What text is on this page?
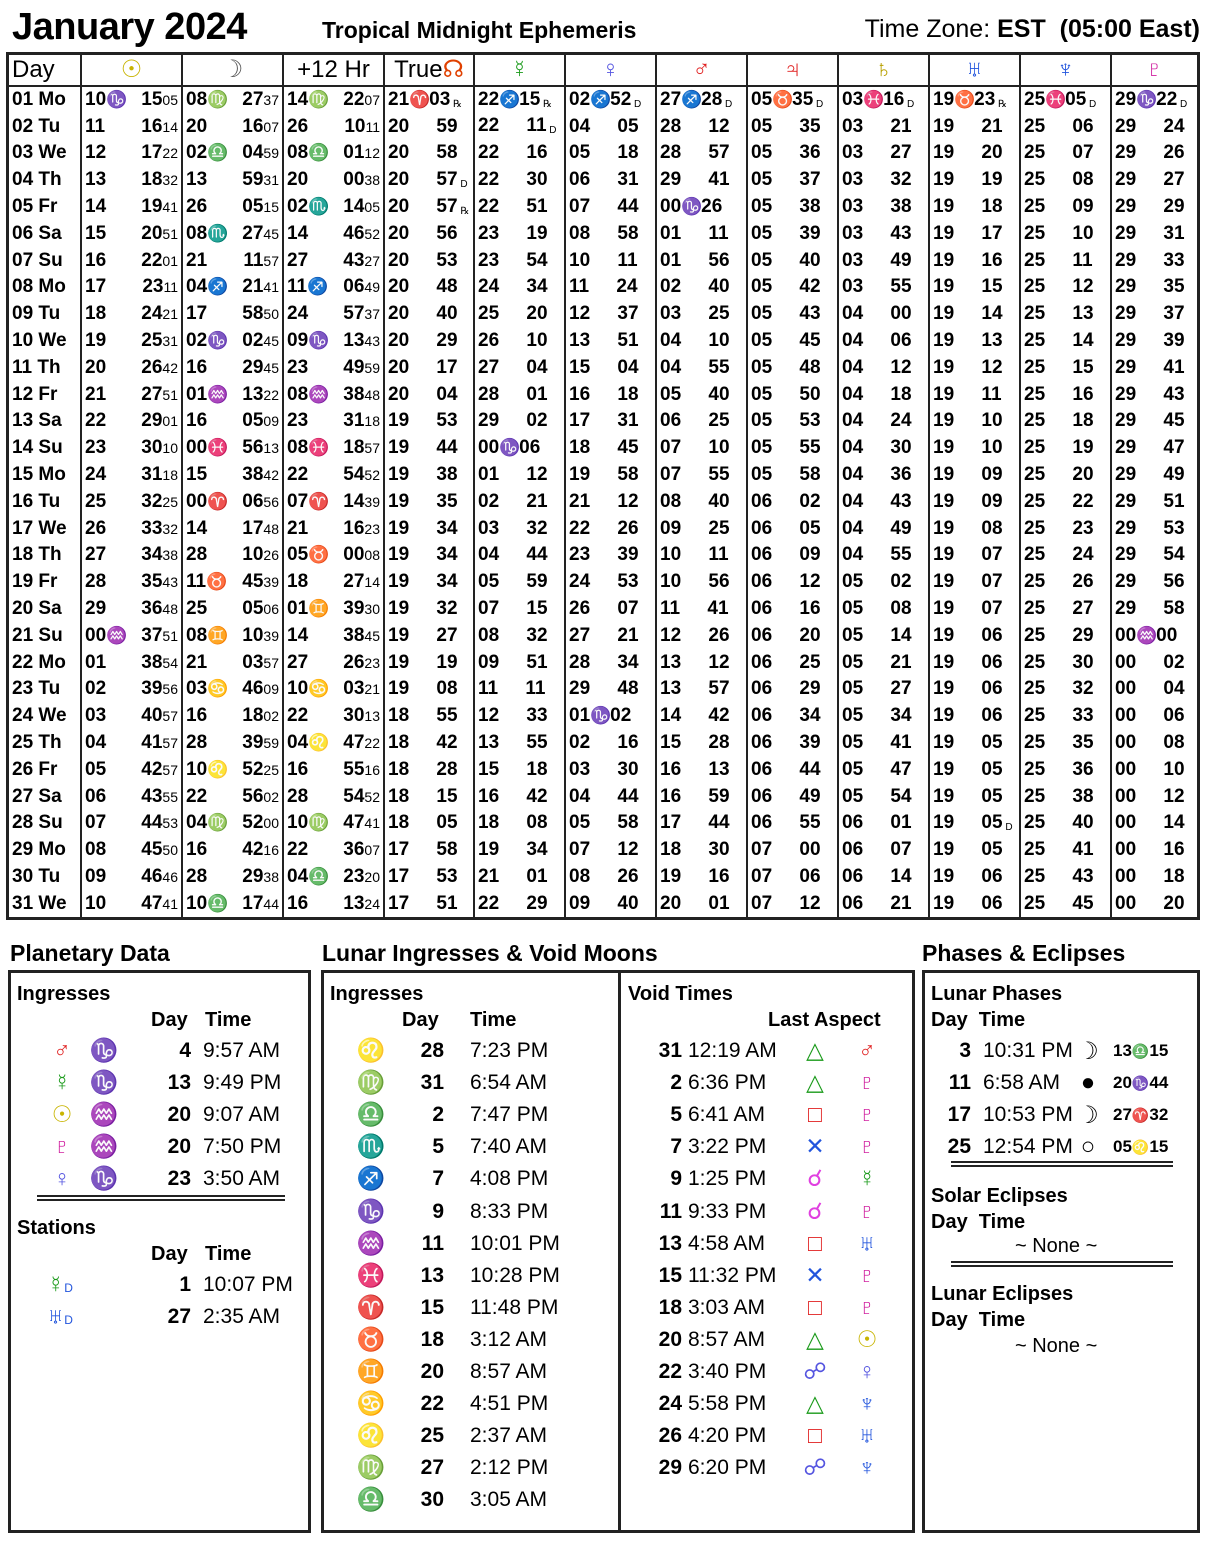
January 2024	Tropical Midnight Ephemeris	Time Zone: EST (05:00 East)
Day	☉	☽	+12 Hr	True☊	☿	♀	♂	♃	♄	♅	♆	♇
01 Mo	10♑ 1505	08♍ 2737	14♍ 2207	21♈03 ℞	22♐15 ℞	02♐52 D	27♐28 D	05♉35 D	03♓16 D	19♉23 ℞	25♓05 D	29♑22 D
02 Tu	11 1614	20 1607	26 1011	20 59	22 11 D	04 05	28 12	05 35	03 21	19 21	25 06	29 24
03 We	12 1722	02♎ 0459	08♎ 0112	20 58	22 16	05 18	28 57	05 36	03 27	19 20	25 07	29 26
04 Th	13 1832	13 5931	20 0038	20 57 D	22 30	06 31	29 41	05 37	03 32	19 19	25 08	29 27
05 Fr	14 1941	26 0515	02♏ 1405	20 57 ℞	22 51	07 44	00♑26	05 38	03 38	19 18	25 09	29 29
06 Sa	15 2051	08♏ 2745	14 4652	20 56	23 19	08 58	01 11	05 39	03 43	19 17	25 10	29 31
07 Su	16 2201	21 1157	27 4327	20 53	23 54	10 11	01 56	05 40	03 49	19 16	25 11	29 33
08 Mo	17 2311	04♐ 2141	11♐ 0649	20 48	24 34	11 24	02 40	05 42	03 55	19 15	25 12	29 35
09 Tu	18 2421	17 5850	24 5737	20 40	25 20	12 37	03 25	05 43	04 00	19 14	25 13	29 37
10 We	19 2531	02♑ 0245	09♑ 1343	20 29	26 10	13 51	04 10	05 45	04 06	19 13	25 14	29 39
11 Th	20 2642	16 2945	23 4959	20 17	27 04	15 04	04 55	05 48	04 12	19 12	25 15	29 41
12 Fr	21 2751	01♒ 1322	08♒ 3848	20 04	28 01	16 18	05 40	05 50	04 18	19 11	25 16	29 43
13 Sa	22 2901	16 0509	23 3118	19 53	29 02	17 31	06 25	05 53	04 24	19 10	25 18	29 45
14 Su	23 3010	00♓ 5613	08♓ 1857	19 44	00♑06	18 45	07 10	05 55	04 30	19 10	25 19	29 47
15 Mo	24 3118	15 3842	22 5452	19 38	01 12	19 58	07 55	05 58	04 36	19 09	25 20	29 49
16 Tu	25 3225	00♈ 0656	07♈ 1439	19 35	02 21	21 12	08 40	06 02	04 43	19 09	25 22	29 51
17 We	26 3332	14 1748	21 1623	19 34	03 32	22 26	09 25	06 05	04 49	19 08	25 23	29 53
18 Th	27 3438	28 1026	05♉ 0008	19 34	04 44	23 39	10 11	06 09	04 55	19 07	25 24	29 54
19 Fr	28 3543	11♉ 4539	18 2714	19 34	05 59	24 53	10 56	06 12	05 02	19 07	25 26	29 56
20 Sa	29 3648	25 0506	01♊ 3930	19 32	07 15	26 07	11 41	06 16	05 08	19 07	25 27	29 58
21 Su	00♒ 3751	08♊ 1039	14 3845	19 27	08 32	27 21	12 26	06 20	05 14	19 06	25 29	00♒00
22 Mo	01 3854	21 0357	27 2623	19 19	09 51	28 34	13 12	06 25	05 21	19 06	25 30	00 02
23 Tu	02 3956	03♋ 4609	10♋ 0321	19 08	11 11	29 48	13 57	06 29	05 27	19 06	25 32	00 04
24 We	03 4057	16 1802	22 3013	18 55	12 33	01♑02	14 42	06 34	05 34	19 06	25 33	00 06
25 Th	04 4157	28 3959	04♌ 4722	18 42	13 55	02 16	15 28	06 39	05 41	19 05	25 35	00 08
26 Fr	05 4257	10♌ 5225	16 5516	18 28	15 18	03 30	16 13	06 44	05 47	19 05	25 36	00 10
27 Sa	06 4355	22 5602	28 5452	18 15	16 42	04 44	16 59	06 49	05 54	19 05	25 38	00 12
28 Su	07 4453	04♍ 5200	10♍ 4741	18 05	18 08	05 58	17 44	06 55	06 01	19 05 D	25 40	00 14
29 Mo	08 4550	16 4216	22 3607	17 58	19 34	07 12	18 30	07 00	06 07	19 05	25 41	00 16
30 Tu	09 4646	28 2938	04♎ 2320	17 53	21 01	08 26	19 16	07 06	06 14	19 06	25 43	00 18
31 We	10 4741	10♎ 1744	16 1324	17 51	22 29	09 40	20 01	07 12	06 21	19 06	25 45	00 20
Planetary Data	Lunar Ingresses & Void Moons	Phases & Eclipses
Ingresses
Day Time
♂ ♑	4 9:57 AM
☿ ♑	13 9:49 PM
☉ ♒	20 9:07 AM
♇ ♒	20 7:50 PM
♀ ♑	23 3:50 AM
Stations
Day Time
☿D	1 10:07 PM
♅D	27 2:35 AM
Ingresses
Day Time
♌	28 7:23 PM
♍	31 6:54 AM
♎	2 7:47 PM
♏	5 7:40 AM
♐	7 4:08 PM
♑	9 8:33 PM
♒	11 10:01 PM
♓	13 10:28 PM
♈	15 11:48 PM
♉	18 3:12 AM
♊	20 8:57 AM
♋	22 4:51 PM
♌	25 2:37 AM
♍	27 2:12 PM
♎	30 3:05 AM
Void Times
Last Aspect
31 12:19 AM △ ♂
2 6:36 PM △ ♇
5 6:41 AM	□	♇
7 3:22 PM ✕ ♇
9 1:25 PM	☌	☿
11 9:33 PM	☌	♇
13 4:58 AM	□	♅
15 11:32 PM ✕ ♇
18 3:03 AM	□	♇
20 8:57 AM △ ☉
22 3:40 PM ☍ ♀
24 5:58 PM △ ♆
26 4:20 PM	□	♅
29 6:20 PM ☍ ♆
Lunar Phases
Day  Time
3 10:31 PM ☽ 13♎15
11 6:58 AM ●	20♑44
17 10:53 PM ☽ 27♈32
25 12:54 PM ○	05♌15
Solar Eclipses
Day  Time
~ None ~
Lunar Eclipses
Day  Time
~ None ~
